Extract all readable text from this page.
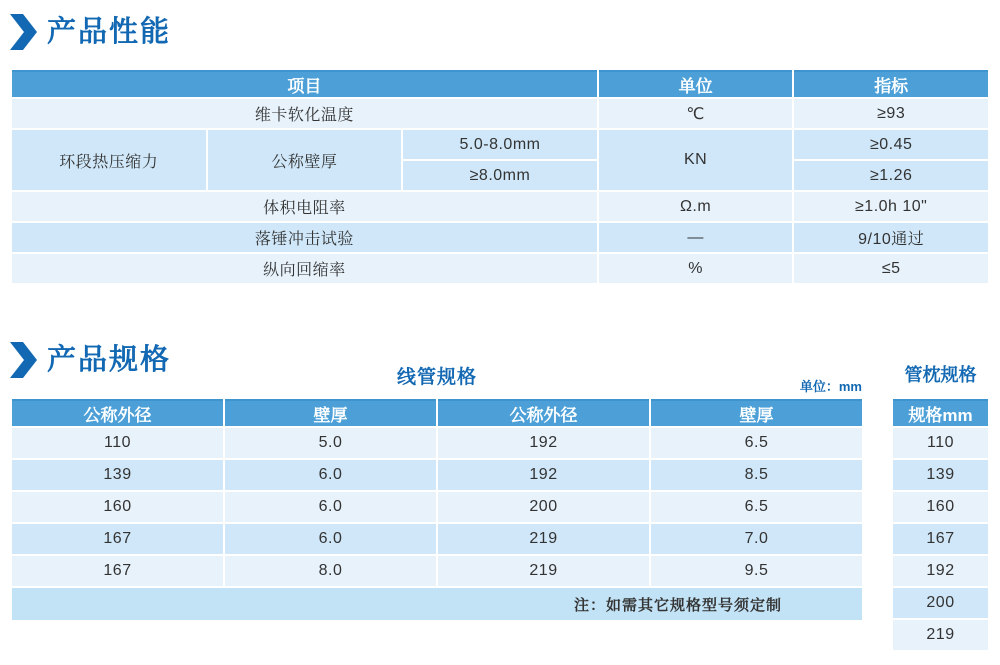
产品性能
项目			单位	指标
维卡软化温度			℃	≥93
环段热压缩力	公称壁厚	5.0-8.0mm	KN	≥0.45
		≥8.0mm		≥1.26
体积电阻率			Ω.m	≥1.0h 10"
落锤冲击试验			—	9/10通过
纵向回缩率			%	≤5
产品规格
线管规格	单位：mm
管枕规格
公称外径	壁厚	公称外径	壁厚
110	5.0	192	6.5
139	6.0	192	8.5
160	6.0	200	6.5
167	6.0	219	7.0
167	8.0	219	9.5
注：如需其它规格型号须定制			
规格mm
110
139
160
167
192
200
219
